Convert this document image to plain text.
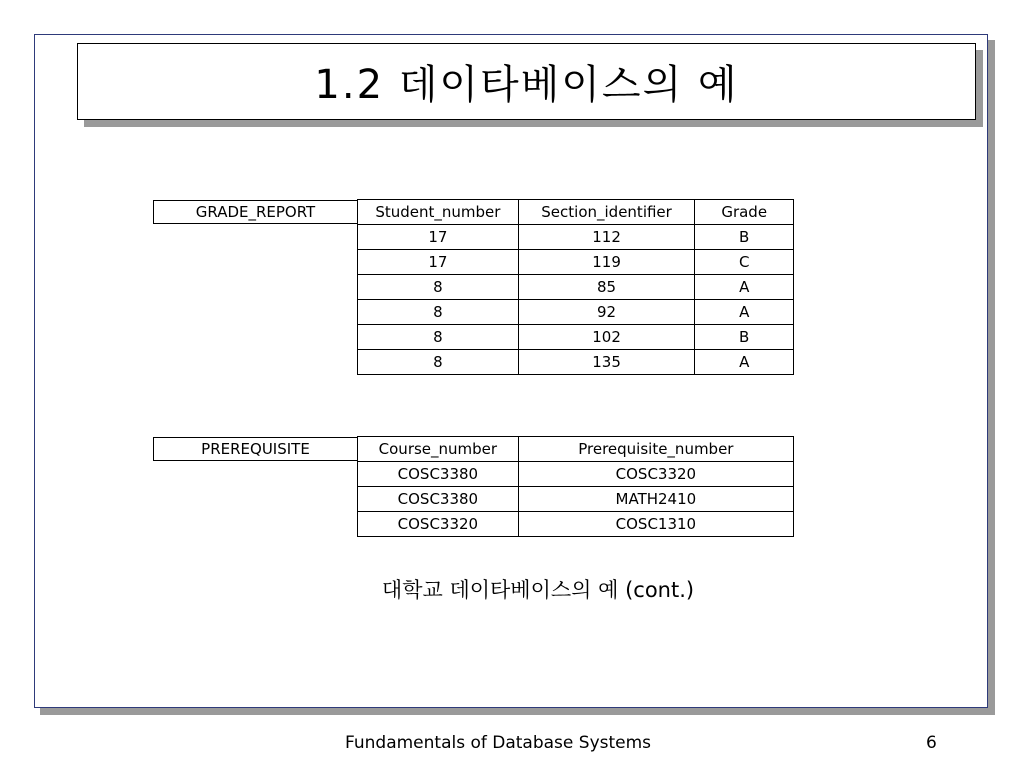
1.2 데이타베이스의 예
GRADE_REPORT	Student_number	Section_identifier	Grade
17	112	B
17	119	C
8	85	A
8	92	A
8	102	B
8	135	A
PREREQUISITE	Course_number	Prerequisite_number
COSC3380	COSC3320
COSC3380	MATH2410
COSC3320	COSC1310
대학교 데이타베이스의 예 (cont.)
Fundamentals of Database Systems	6
